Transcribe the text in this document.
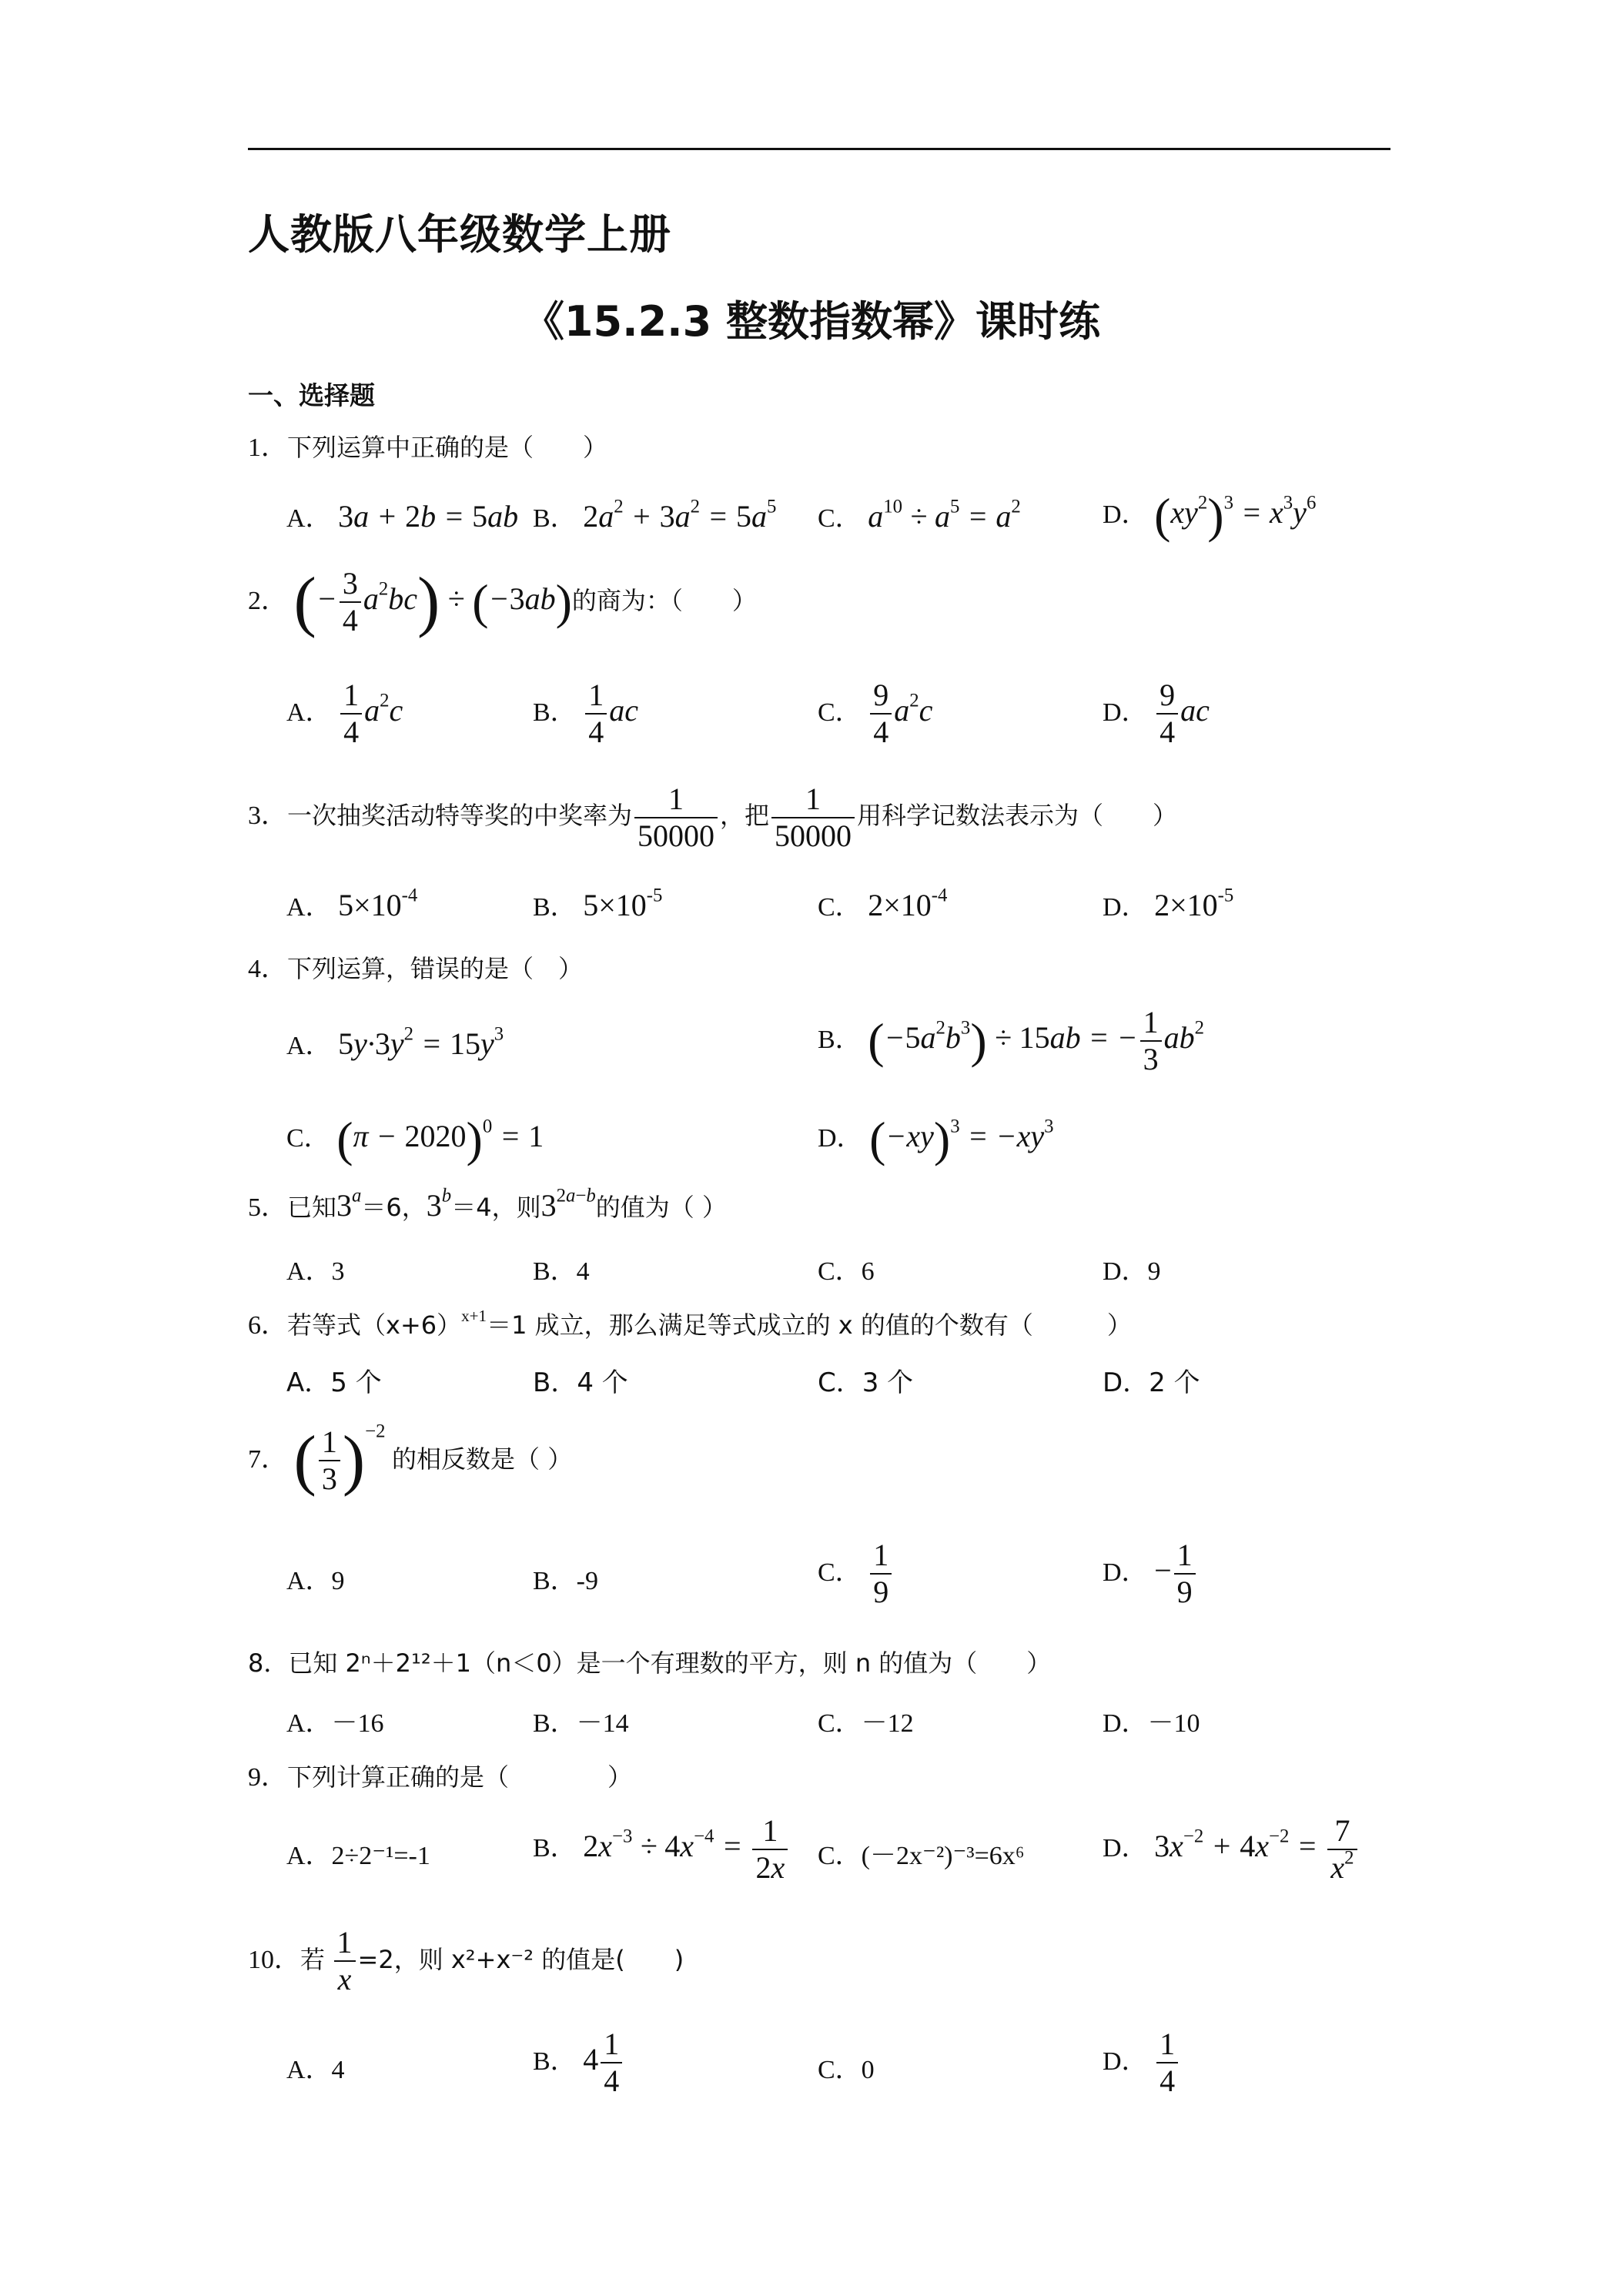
人教版八年级数学上册
《15.2.3 整数指数幂》课时练
一、选择题
1．下列运算中正确的是（　　）
A． 3a + 2b = 5ab B． $2a^2 + 3a^2 = 5a^5$ C． $a^{10} \div a^5 = a^2$	D． $(xy^2)^3 = x^3y^6$
2． (− $\frac{3}{4} a^2bc) \div (-3ab)$的商为：（　　）
A． $\frac{1}{4} a^2c$	B． $\frac{1}{4}$ ac	C． $\frac{9}{4} a^2c$	D． $\frac{9}{4}$ ac
3．一次抽奖活动特等奖的中奖率为 $\frac{1}{50000}$ ，把 $\frac{1}{50000}$ 用科学记数法表示为（　　）
A． $5\times 10^{-4}$	B． $5\times 10^{-5}$	C． $2\times 10^{-4}$	D． $2\times 10^{-5}$
4．下列运算，错误的是（　）
A． $5y\cdot 3y^2 = 15y^3$	B． $(-5a^2b^3) \div 15ab$ = − $\frac{1}{3} ab^2$
C． $(\pi - 2020)^0 = 1$	D． $(-xy)^3 = -xy^3$
5．已知$3^a=6$，$3^b=4$，则$3^{2a-b}$的值为（ ）
A．3	B．4	C．6	D．9
6．若等式$(x+6)^{x+1}=1$ 成立，那么满足等式成立的 x 的值的个数有（　　　）
A．5 个	B．4 个	C．3 个	D．2 个
7． ( $\frac{1}{3} )^{-2}$ 的相反数是（ ）
A．9	B．-9	C． $\frac{1}{9}$	D． − $\frac{1}{9}$
8．已知 2ⁿ＋2¹²＋1（n＜0）是一个有理数的平方，则 n 的值为（　　）
A．－16	B．－14	C．－12	D．－10
9．下列计算正确的是（　　　　）
A．2÷2⁻¹=-1	B． $2x^{-3} \div 4x^{-4} = \frac{1}{2x}$ C．(－2x⁻²)⁻³=6x⁶	D． $3x^{-2} + 4x^{-2} = \frac{7}{x^2}$
10．若 $\frac{1}{x} =2$，则 x²+x⁻² 的值是(　　)
A．4	B． $4 \frac{1}{4}$	C．0	D． $\frac{1}{4}$
